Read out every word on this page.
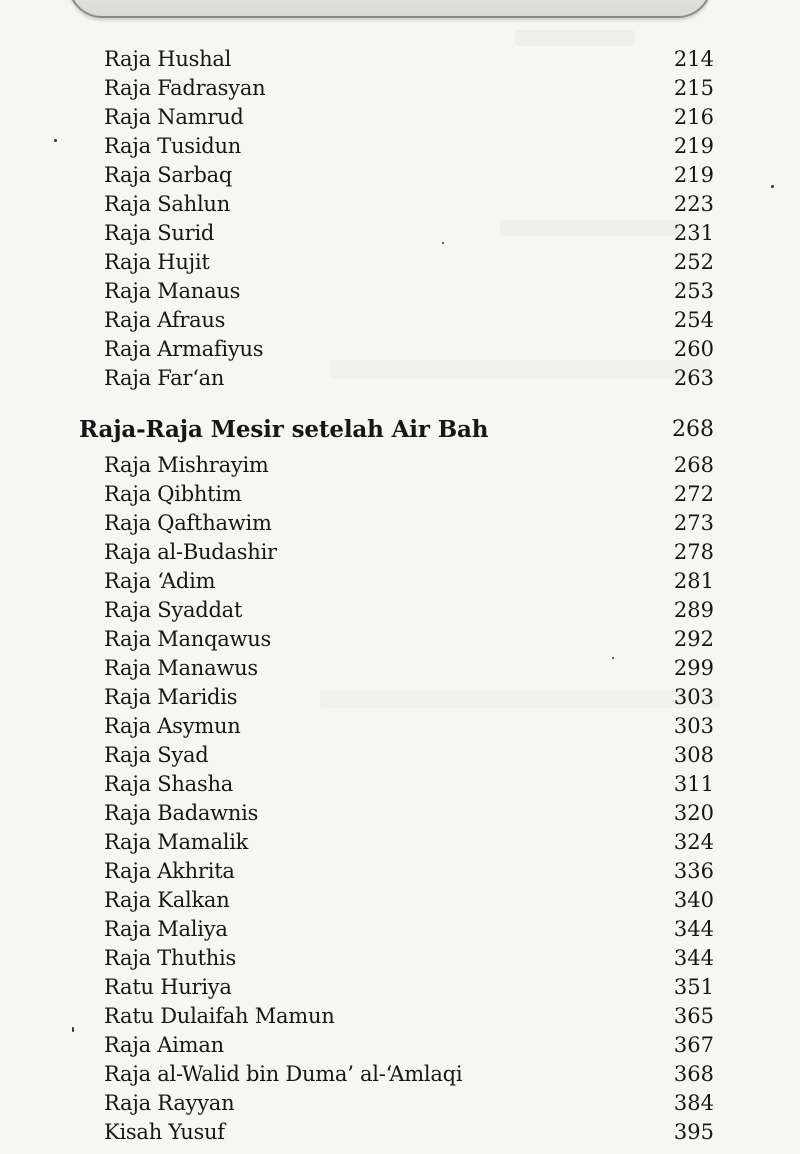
Raja Hushal	214
Raja Fadrasyan	215
Raja Namrud	216
Raja Tusidun	219
Raja Sarbaq	219
Raja Sahlun	223
Raja Surid	231
Raja Hujit	252
Raja Manaus	253
Raja Afraus	254
Raja Armafiyus	260
Raja Far‘an	263
Raja-Raja Mesir setelah Air Bah	268
Raja Mishrayim	268
Raja Qibhtim	272
Raja Qafthawim	273
Raja al-Budashir	278
Raja ‘Adim	281
Raja Syaddat	289
Raja Manqawus	292
Raja Manawus	299
Raja Maridis	303
Raja Asymun	303
Raja Syad	308
Raja Shasha	311
Raja Badawnis	320
Raja Mamalik	324
Raja Akhrita	336
Raja Kalkan	340
Raja Maliya	344
Raja Thuthis	344
Ratu Huriya	351
Ratu Dulaifah Mamun	365
Raja Aiman	367
Raja al-Walid bin Duma’ al-‘Amlaqi	368
Raja Rayyan	384
Kisah Yusuf	395
